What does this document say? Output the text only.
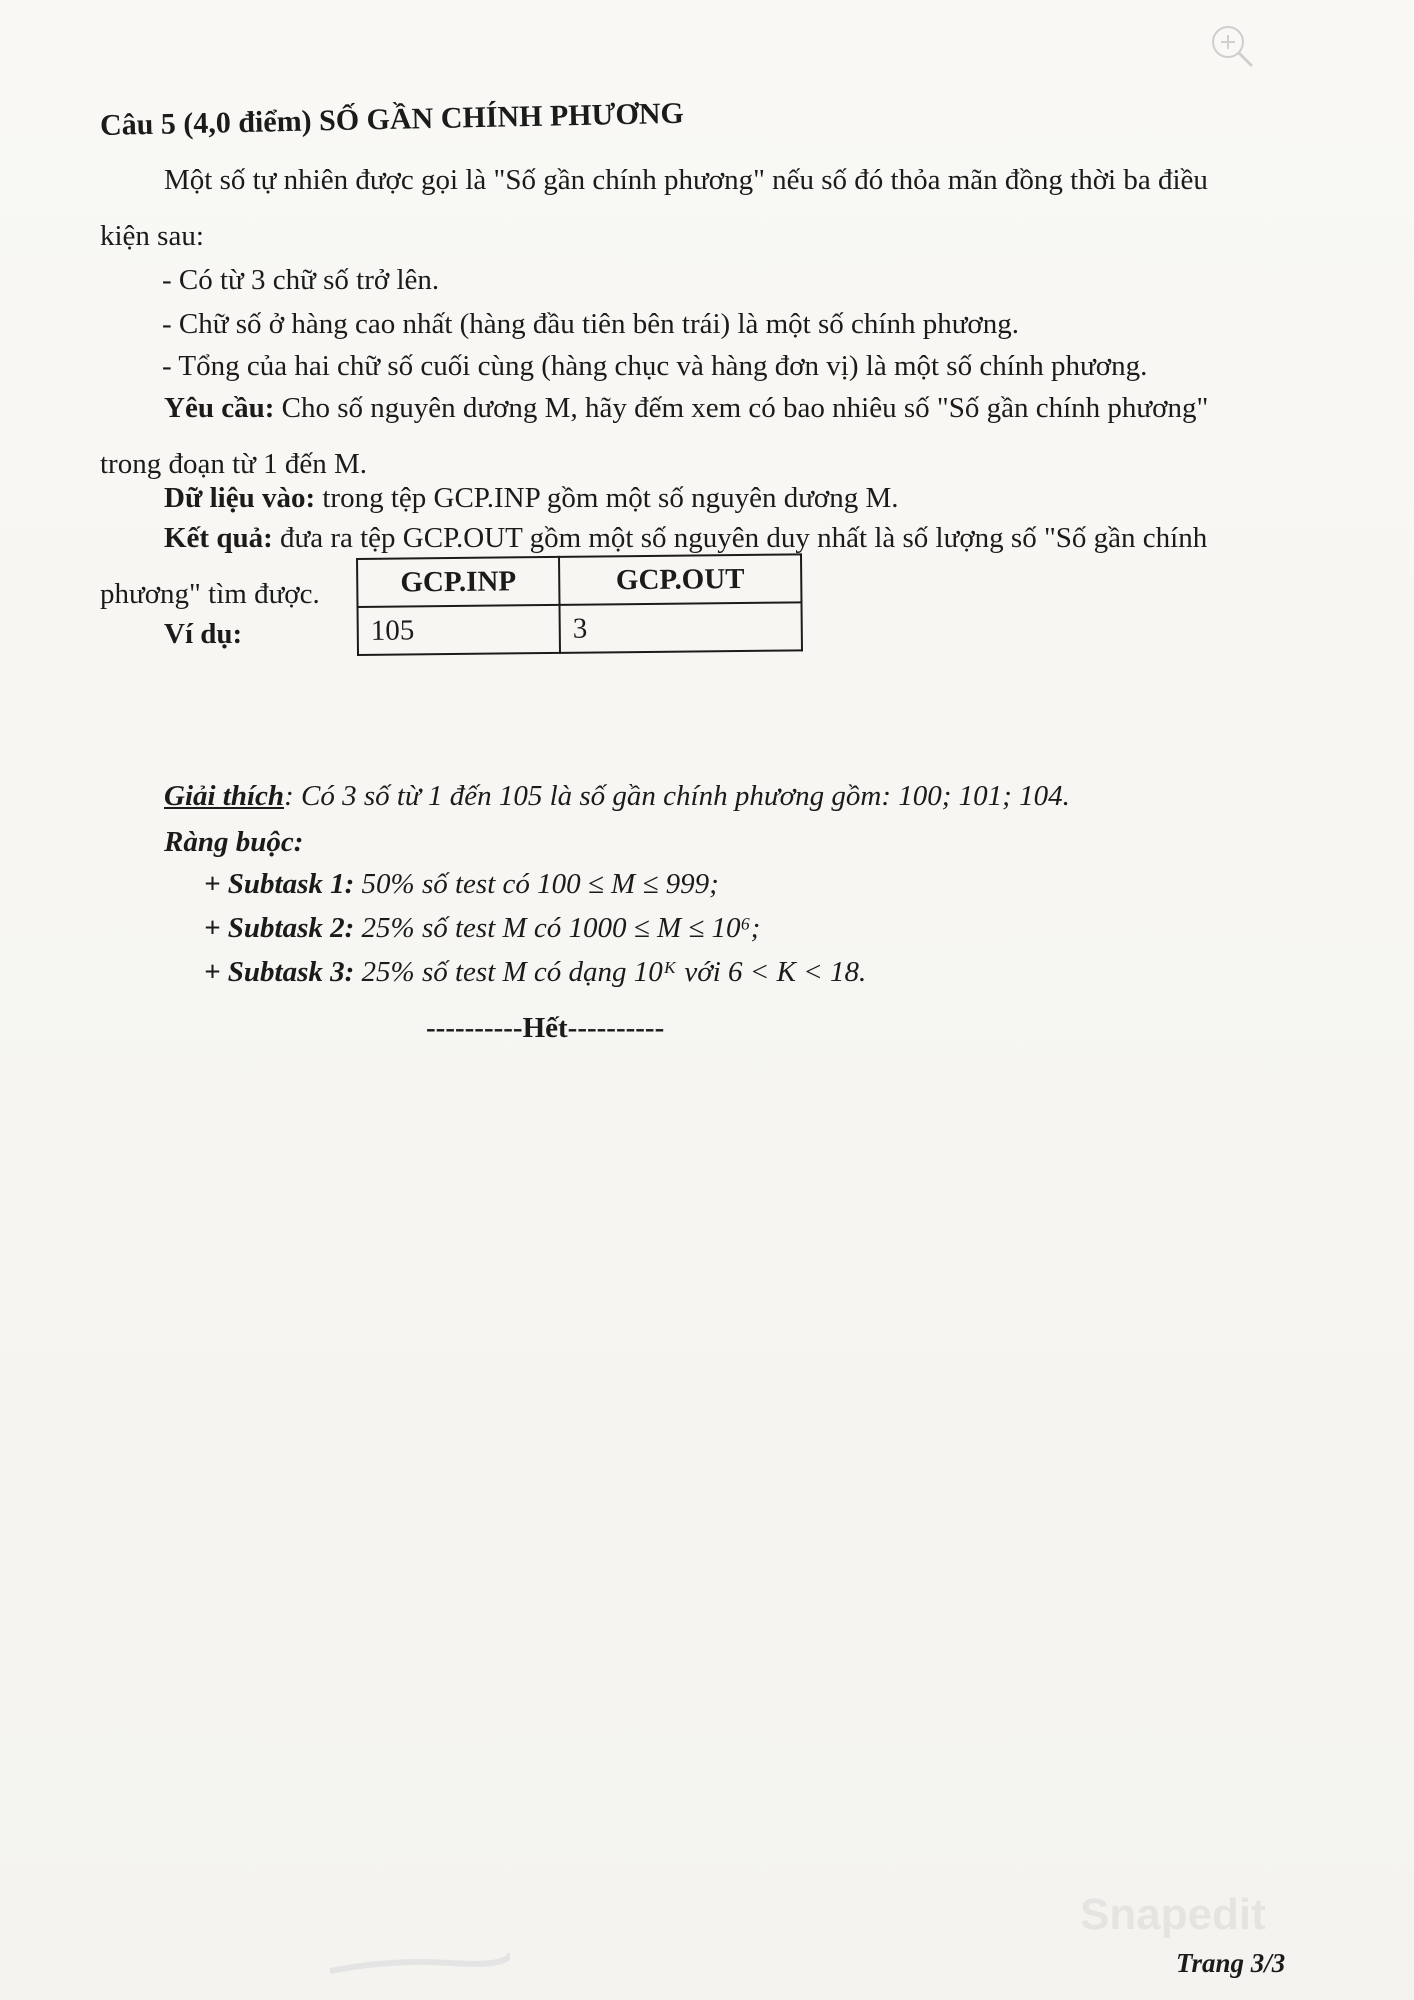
Câu 5 (4,0 điểm) SỐ GẦN CHÍNH PHƯƠNG
Một số tự nhiên được gọi là "Số gần chính phương" nếu số đó thỏa mãn đồng thời ba điều
kiện sau:
- Có từ 3 chữ số trở lên.
- Chữ số ở hàng cao nhất (hàng đầu tiên bên trái) là một số chính phương.
- Tổng của hai chữ số cuối cùng (hàng chục và hàng đơn vị) là một số chính phương.
Yêu cầu: Cho số nguyên dương M, hãy đếm xem có bao nhiêu số "Số gần chính phương"
trong đoạn từ 1 đến M.
Dữ liệu vào: trong tệp GCP.INP gồm một số nguyên dương M.
Kết quả: đưa ra tệp GCP.OUT gồm một số nguyên duy nhất là số lượng số "Số gần chính
phương" tìm được.
Ví dụ:
Giải thích: Có 3 số từ 1 đến 105 là số gần chính phương gồm: 100; 101; 104.
Ràng buộc:
+ Subtask 1: 50% số test có 100 ≤ M ≤ 999;
+ Subtask 2: 25% số test M có 1000 ≤ M ≤ 10⁶;
+ Subtask 3: 25% số test M có dạng 10ᴷ với 6 < K < 18.
GCP.INP	GCP.OUT
105	3
----------Hết----------
Snapedit
Trang 3/3
